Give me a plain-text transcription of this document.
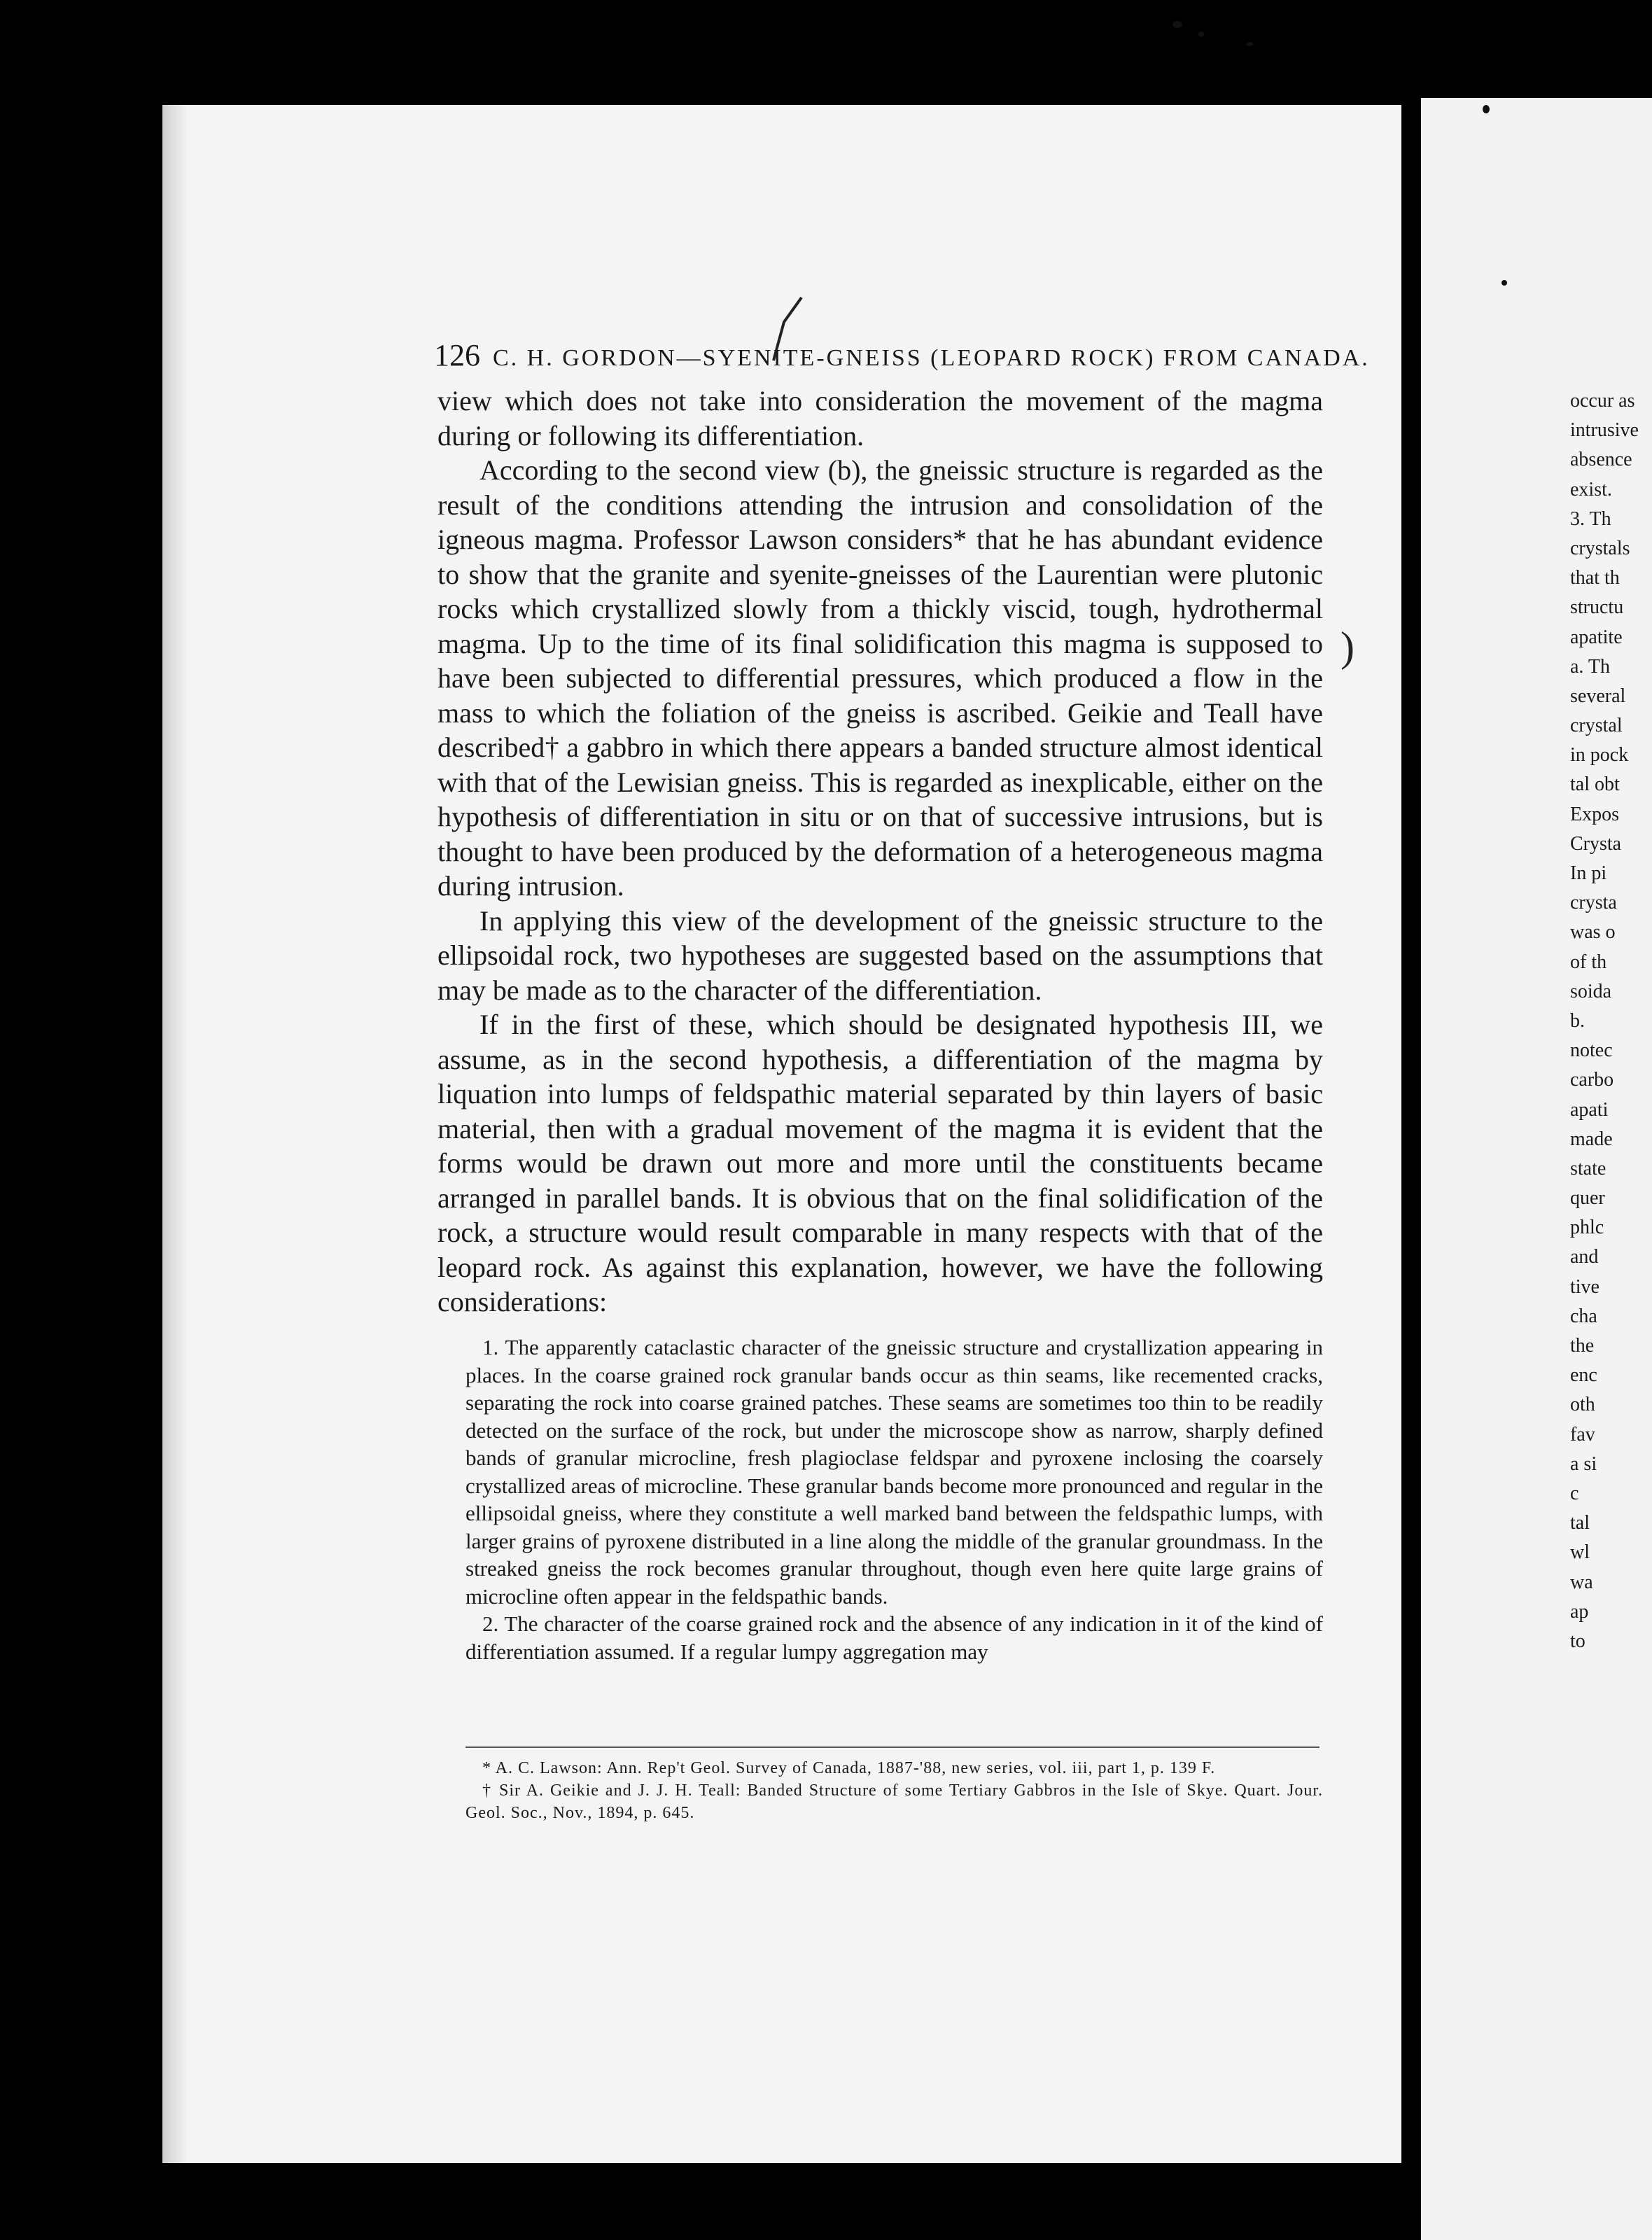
)
126 C. H. GORDON—SYENITE-GNEISS (LEOPARD ROCK) FROM CANADA.

view which does not take into consideration the movement of the magma during or following its differentiation.

According to the second view (b), the gneissic structure is regarded as the result of the conditions attending the intrusion and consolidation of the igneous magma. Professor Lawson considers* that he has abundant evidence to show that the granite and syenite-gneisses of the Laurentian were plutonic rocks which crystallized slowly from a thickly viscid, tough, hydrothermal magma. Up to the time of its final solidification this magma is supposed to have been subjected to differential pressures, which produced a flow in the mass to which the foliation of the gneiss is ascribed. Geikie and Teall have described† a gabbro in which there appears a banded structure almost identical with that of the Lewisian gneiss. This is regarded as inexplicable, either on the hypothesis of differentiation in situ or on that of successive intrusions, but is thought to have been produced by the deformation of a heterogeneous magma during intrusion.

In applying this view of the development of the gneissic structure to the ellipsoidal rock, two hypotheses are suggested based on the assumptions that may be made as to the character of the differentiation.

If in the first of these, which should be designated hypothesis III, we assume, as in the second hypothesis, a differentiation of the magma by liquation into lumps of feldspathic material separated by thin layers of basic material, then with a gradual movement of the magma it is evident that the forms would be drawn out more and more until the constituents became arranged in parallel bands. It is obvious that on the final solidification of the rock, a structure would result comparable in many respects with that of the leopard rock. As against this explanation, however, we have the following considerations:

1. The apparently cataclastic character of the gneissic structure and crystallization appearing in places. In the coarse grained rock granular bands occur as thin seams, like recemented cracks, separating the rock into coarse grained patches. These seams are sometimes too thin to be readily detected on the surface of the rock, but under the microscope show as narrow, sharply defined bands of granular microcline, fresh plagioclase feldspar and pyroxene inclosing the coarsely crystallized areas of microcline. These granular bands become more pronounced and regular in the ellipsoidal gneiss, where they constitute a well marked band between the feldspathic lumps, with larger grains of pyroxene distributed in a line along the middle of the granular groundmass. In the streaked gneiss the rock becomes granular throughout, though even here quite large grains of microcline often appear in the feldspathic bands.

2. The character of the coarse grained rock and the absence of any indication in it of the kind of differentiation assumed. If a regular lumpy aggregation may

* A. C. Lawson: Ann. Rep't Geol. Survey of Canada, 1887-'88, new series, vol. iii, part 1, p. 139 F.

† Sir A. Geikie and J. J. H. Teall: Banded Structure of some Tertiary Gabbros in the Isle of Skye. Quart. Jour. Geol. Soc., Nov., 1894, p. 645.

occur as
intrusive
absence
exist.
3. Th
crystals
that th
structu
apatite
a. Th
several
crystal
in pock
tal obt
Expos
Crysta
In pi
crysta
was o
of th
soida
b.
notec
carbo
apati
made
state
quer
phlc
and
tive
cha
the
enc
oth
fav
a si
c
tal
wl
wa
ap
to
